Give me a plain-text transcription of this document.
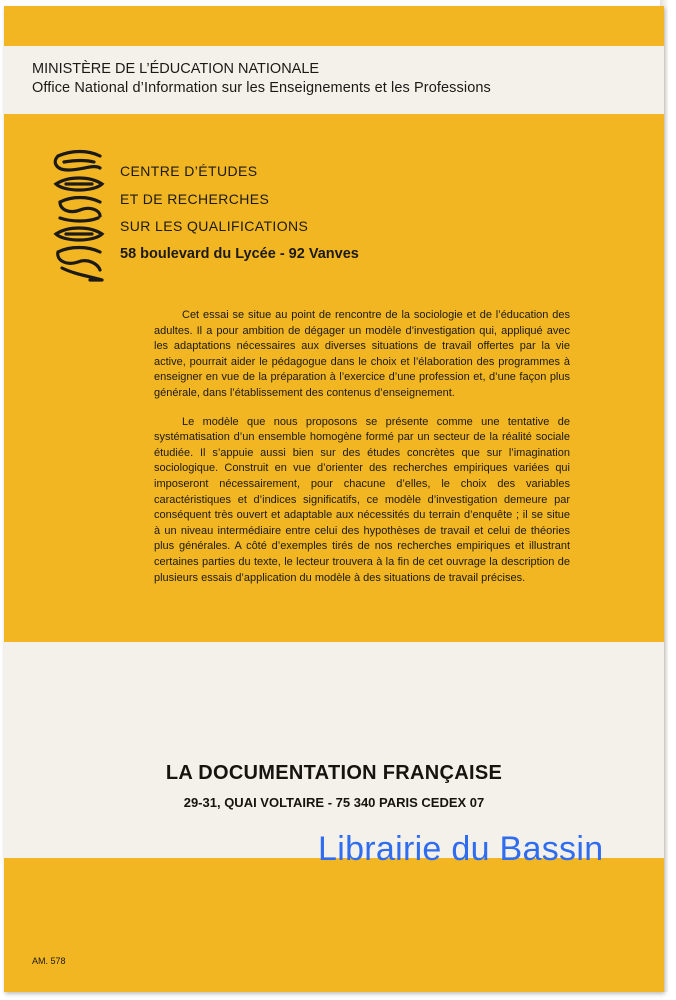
MINISTÈRE DE L’ÉDUCATION NATIONALE
Office National d’Information sur les Enseignements et les Professions
CENTRE D’ÉTUDES
ET DE RECHERCHES
SUR LES QUALIFICATIONS
58 boulevard du Lycée - 92 Vanves

Cet essai se situe au point de rencontre de la sociologie et de l’éducation des adultes. Il a pour ambition de dégager un modèle d’investigation qui, appliqué avec les adaptations nécessaires aux diverses situations de travail offertes par la vie active, pourrait aider le pédagogue dans le choix et l’élaboration des programmes à enseigner en vue de la préparation à l’exercice d’une profession et, d’une façon plus générale, dans l’établissement des contenus d’enseignement.

Le modèle que nous proposons se présente comme une tentative de systématisation d’un ensemble homogène formé par un secteur de la réalité sociale étudiée. Il s’appuie aussi bien sur des études concrètes que sur l’imagination sociologique. Construit en vue d’orienter des recherches empiriques variées qui imposeront nécessairement, pour chacune d’elles, le choix des variables caractéristiques et d’indices significatifs, ce modèle d’investigation demeure par conséquent très ouvert et adaptable aux nécessités du terrain d’enquête ; il se situe à un niveau intermédiaire entre celui des hypothèses de travail et celui de théories plus générales. A côté d’exemples tirés de nos recherches empiriques et illustrant certaines parties du texte, le lecteur trouvera à la fin de cet ouvrage la description de plusieurs essais d’application du modèle à des situations de travail précises.

LA DOCUMENTATION FRANÇAISE
29-31, QUAI VOLTAIRE - 75 340 PARIS CEDEX 07
AM. 578
Librairie du Bassin
